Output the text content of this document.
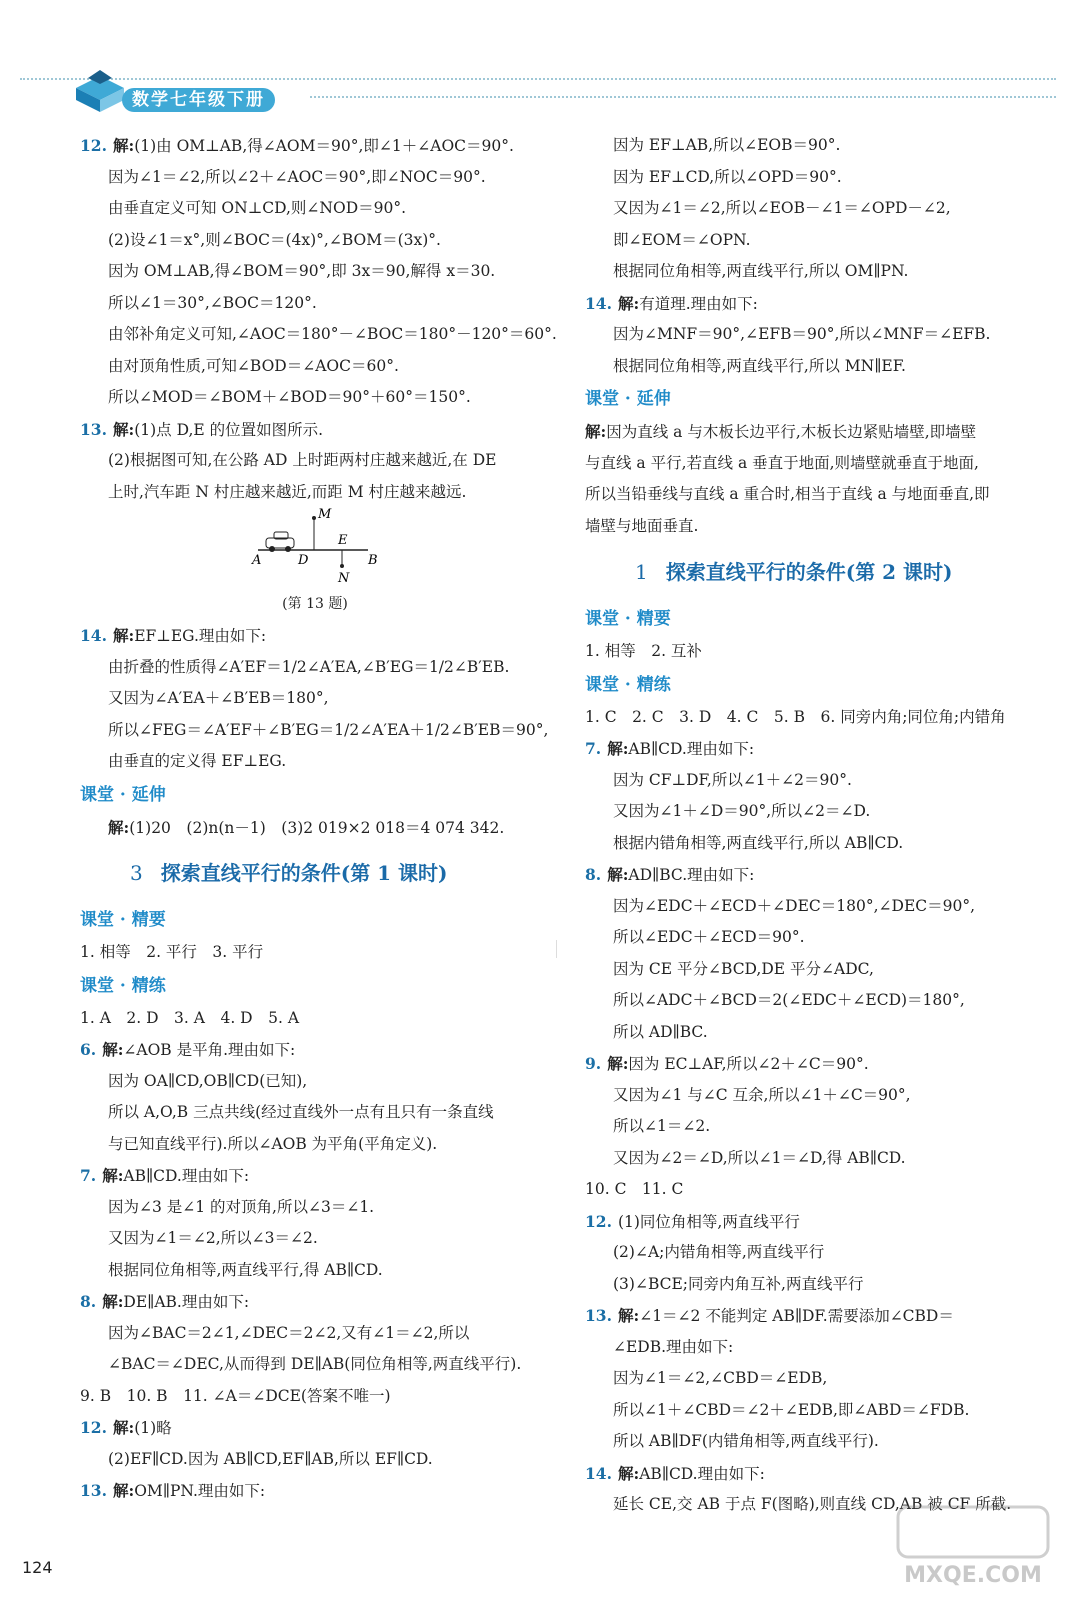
数学七年级下册
12. 解:(1)由 OM⊥AB,得∠AOM＝90°,即∠1＋∠AOC＝90°.
因为∠1＝∠2,所以∠2＋∠AOC＝90°,即∠NOC＝90°.
由垂直定义可知 ON⊥CD,则∠NOD＝90°.
(2)设∠1＝x°,则∠BOC＝(4x)°,∠BOM＝(3x)°.
因为 OM⊥AB,得∠BOM＝90°,即 3x＝90,解得 x＝30.
所以∠1＝30°,∠BOC＝120°.
由邻补角定义可知,∠AOC＝180°－∠BOC＝180°－120°＝60°.
由对顶角性质,可知∠BOD＝∠AOC＝60°.
所以∠MOD＝∠BOM＋∠BOD＝90°＋60°＝150°.
13. 解:(1)点 D,E 的位置如图所示.
(2)根据图可知,在公路 AD 上时距两村庄越来越近,在 DE
上时,汽车距 N 村庄越来越近,而距 M 村庄越来越远.
A	D
E
B
M
N
(第 13 题)
14. 解:EF⊥EG.理由如下:
由折叠的性质得∠A′EF＝1/2∠A′EA,∠B′EG＝1/2∠B′EB.
又因为∠A′EA＋∠B′EB＝180°,
所以∠FEG＝∠A′EF＋∠B′EG＝1/2∠A′EA＋1/2∠B′EB＝90°,
由垂直的定义得 EF⊥EG.
课堂 · 延伸
解:(1)20　(2)n(n－1)　(3)2 019×2 018＝4 074 342.
3 探索直线平行的条件(第 1 课时)
课堂 · 精要
1. 相等　2. 平行　3. 平行
课堂 · 精练
1. A　2. D　3. A　4. D　5. A
6. 解:∠AOB 是平角.理由如下:
因为 OA∥CD,OB∥CD(已知),
所以 A,O,B 三点共线(经过直线外一点有且只有一条直线
与已知直线平行).所以∠AOB 为平角(平角定义).
7. 解:AB∥CD.理由如下:
因为∠3 是∠1 的对顶角,所以∠3＝∠1.
又因为∠1＝∠2,所以∠3＝∠2.
根据同位角相等,两直线平行,得 AB∥CD.
8. 解:DE∥AB.理由如下:
因为∠BAC＝2∠1,∠DEC＝2∠2,又有∠1＝∠2,所以
∠BAC＝∠DEC,从而得到 DE∥AB(同位角相等,两直线平行).
9. B　10. B　11. ∠A＝∠DCE(答案不唯一)
12. 解:(1)略
(2)EF∥CD.因为 AB∥CD,EF∥AB,所以 EF∥CD.
13. 解:OM∥PN.理由如下:
因为 EF⊥AB,所以∠EOB＝90°.
因为 EF⊥CD,所以∠OPD＝90°.
又因为∠1＝∠2,所以∠EOB－∠1＝∠OPD－∠2,
即∠EOM＝∠OPN.
根据同位角相等,两直线平行,所以 OM∥PN.
14. 解:有道理.理由如下:
因为∠MNF＝90°,∠EFB＝90°,所以∠MNF＝∠EFB.
根据同位角相等,两直线平行,所以 MN∥EF.
课堂 · 延伸
解:因为直线 a 与木板长边平行,木板长边紧贴墙壁,即墙壁
与直线 a 平行,若直线 a 垂直于地面,则墙壁就垂直于地面,
所以当铅垂线与直线 a 重合时,相当于直线 a 与地面垂直,即
墙壁与地面垂直.
1 探索直线平行的条件(第 2 课时)
课堂 · 精要
1. 相等　2. 互补
课堂 · 精练
1. C　2. C　3. D　4. C　5. B　6. 同旁内角;同位角;内错角
7. 解:AB∥CD.理由如下:
因为 CF⊥DF,所以∠1＋∠2＝90°.
又因为∠1＋∠D＝90°,所以∠2＝∠D.
根据内错角相等,两直线平行,所以 AB∥CD.
8. 解:AD∥BC.理由如下:
因为∠EDC＋∠ECD＋∠DEC＝180°,∠DEC＝90°,
所以∠EDC＋∠ECD＝90°.
因为 CE 平分∠BCD,DE 平分∠ADC,
所以∠ADC＋∠BCD＝2(∠EDC＋∠ECD)＝180°,
所以 AD∥BC.
9. 解:因为 EC⊥AF,所以∠2＋∠C＝90°.
又因为∠1 与∠C 互余,所以∠1＋∠C＝90°,
所以∠1＝∠2.
又因为∠2＝∠D,所以∠1＝∠D,得 AB∥CD.
10. C　11. C
12. (1)同位角相等,两直线平行
(2)∠A;内错角相等,两直线平行
(3)∠BCE;同旁内角互补,两直线平行
13. 解:∠1＝∠2 不能判定 AB∥DF.需要添加∠CBD＝
∠EDB.理由如下:
因为∠1＝∠2,∠CBD＝∠EDB,
所以∠1＋∠CBD＝∠2＋∠EDB,即∠ABD＝∠FDB.
所以 AB∥DF(内错角相等,两直线平行).
14. 解:AB∥CD.理由如下:
延长 CE,交 AB 于点 F(图略),则直线 CD,AB 被 CF 所截.
124	MXQE.COM
